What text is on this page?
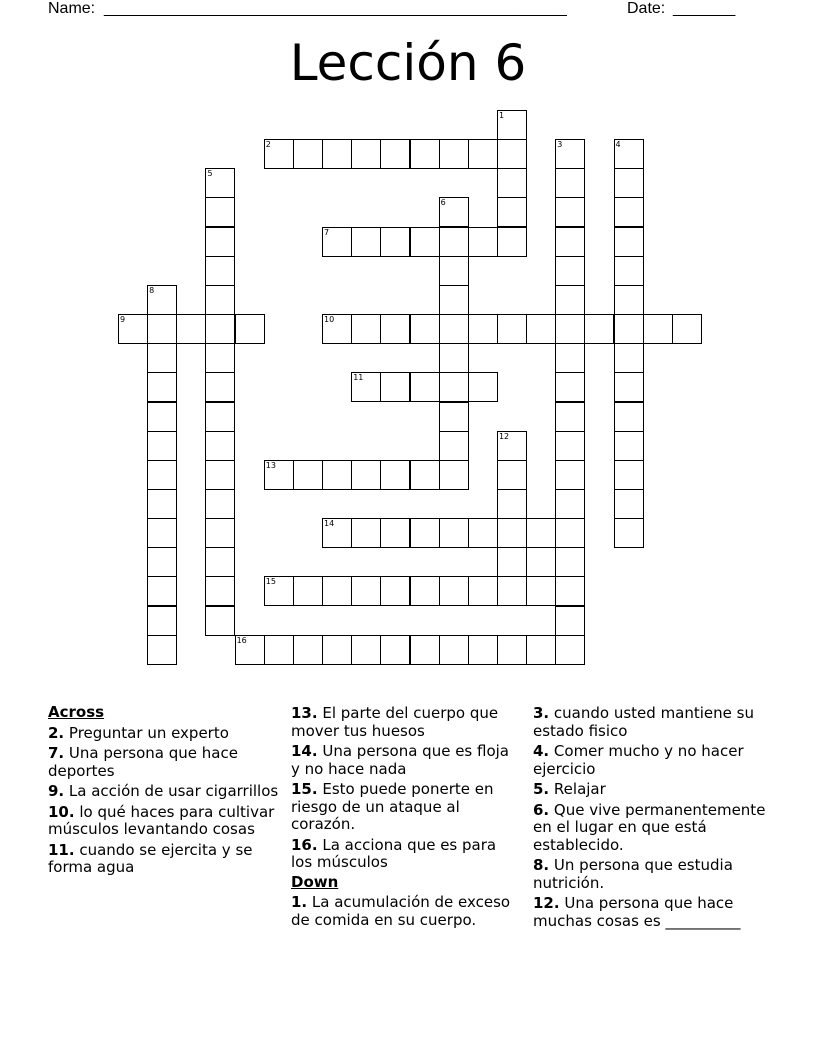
Name: ____________________________________________________	Date: _______
Lección 6
1
2	3	4
5
6
7
8
9	10
11
12
13
14
15
16
Across
2. Preguntar un experto
7. Una persona que hace deportes
9. La acción de usar cigarrillos
10. lo qué haces para cultivar músculos levantando cosas
11. cuando se ejercita y se forma agua
13. El parte del cuerpo que mover tus huesos
14. Una persona que es floja y no hace nada
15. Esto puede ponerte en riesgo de un ataque al corazón.
16. La acciona que es para los músculos
Down
1. La acumulación de exceso de comida en su cuerpo.
3. cuando usted mantiene su estado fisico
4. Comer mucho y no hacer ejercicio
5. Relajar
6. Que vive permanentemente en el lugar en que está establecido.
8. Un persona que estudia nutrición.
12. Una persona que hace muchas cosas es __________
